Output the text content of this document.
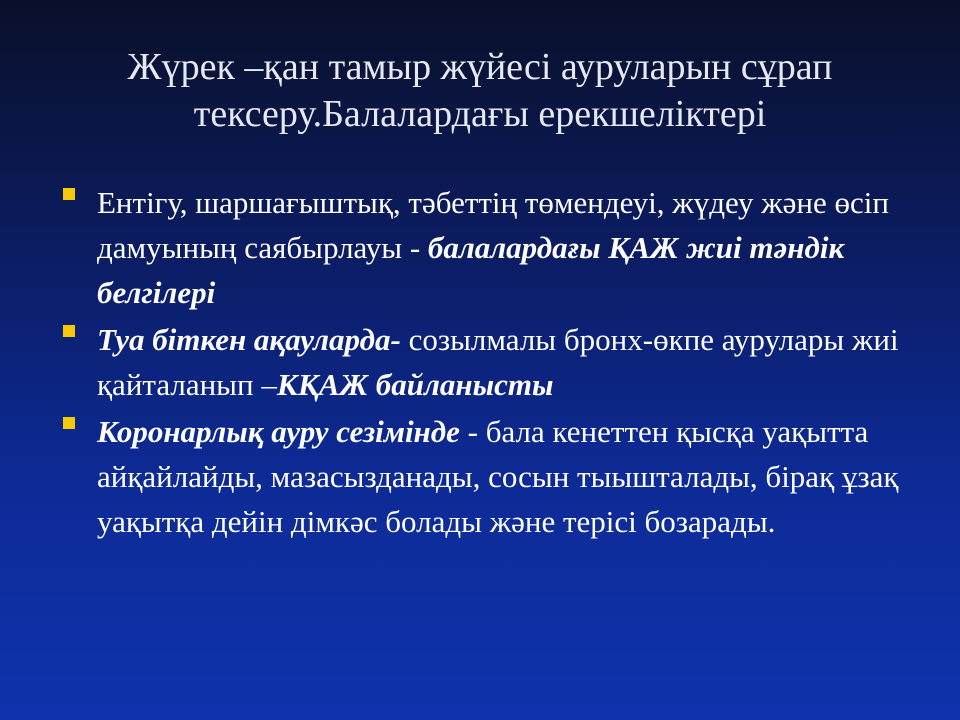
Жүрек –қан тамыр жүйесі ауруларын сұрап
тексеру.Балалардағы ерекшеліктері
Ентігу, шаршағыштық, тәбеттің төмендеуі, жүдеу және өсіп дамуының саябырлауы - балалардағы ҚАЖ жиі тәндік белгілері
Туа біткен ақауларда- созылмалы бронх-өкпе аурулары жиі қайталанып –КҚАЖ байланысты
Коронарлық ауру сезімінде - бала кенеттен қысқа уақытта айқайлайды, мазасызданады, сосын тыышталады, бірақ ұзақ уақытқа дейін дімкәс болады және терісі бозарады.
